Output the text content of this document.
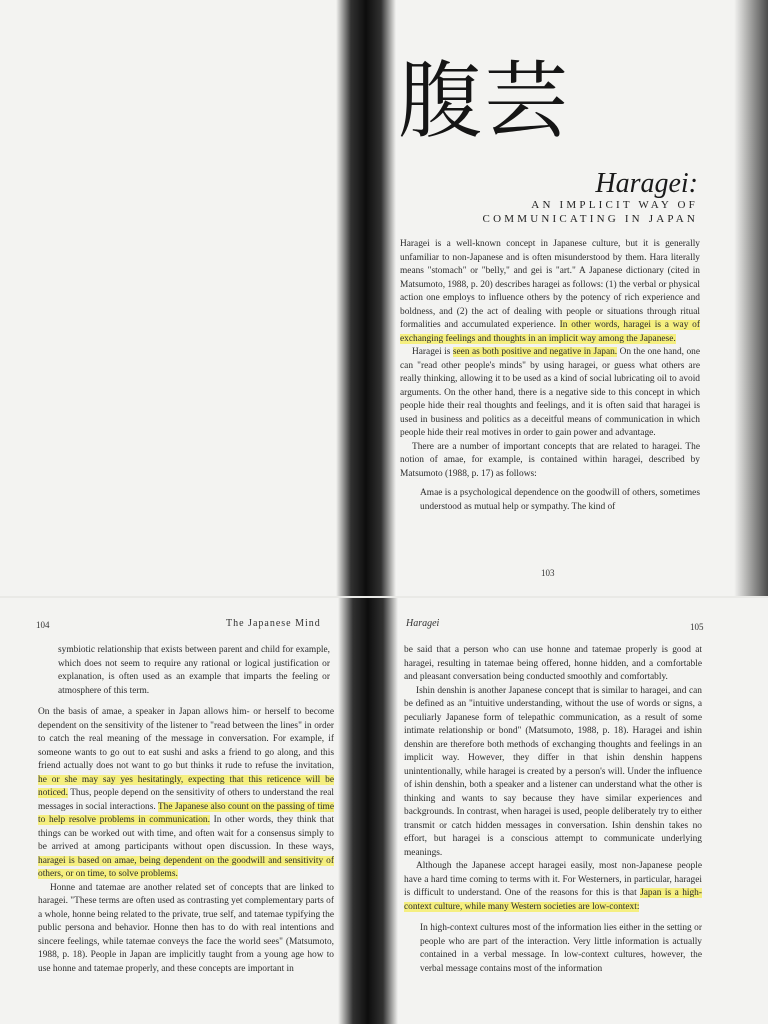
腹芸
Haragei:
AN IMPLICIT WAY OF
COMMUNICATING IN JAPAN

Haragei is a well-known concept in Japanese culture, but it is generally unfamiliar to non-Japanese and is often misunderstood by them. Hara literally means "stomach" or "belly," and gei is "art." A Japanese dictionary (cited in Matsumoto, 1988, p. 20) describes haragei as follows: (1) the verbal or physical action one employs to influence others by the potency of rich experience and boldness, and (2) the act of dealing with people or situations through ritual formalities and accumulated experience. In other words, haragei is a way of exchanging feelings and thoughts in an implicit way among the Japanese.

Haragei is seen as both positive and negative in Japan. On the one hand, one can "read other people's minds" by using haragei, or guess what others are really thinking, allowing it to be used as a kind of social lubricating oil to avoid arguments. On the other hand, there is a negative side to this concept in which people hide their real thoughts and feelings, and it is often said that haragei is used in business and politics as a deceitful means of communication in which people hide their real motives in order to gain power and advantage.

There are a number of important concepts that are related to haragei. The notion of amae, for example, is contained within haragei, described by Matsumoto (1988, p. 17) as follows:

Amae is a psychological dependence on the goodwill of others, sometimes understood as mutual help or sympathy. The kind of

103
104	The Japanese Mind	Haragei	105

symbiotic relationship that exists between parent and child for example, which does not seem to require any rational or logical justification or explanation, is often used as an example that imparts the feeling or atmosphere of this term.

On the basis of amae, a speaker in Japan allows him- or herself to become dependent on the sensitivity of the listener to "read between the lines" in order to catch the real meaning of the message in conversation. For example, if someone wants to go out to eat sushi and asks a friend to go along, and this friend actually does not want to go but thinks it rude to refuse the invitation, he or she may say yes hesitatingly, expecting that this reticence will be noticed. Thus, people depend on the sensitivity of others to understand the real messages in social interactions. The Japanese also count on the passing of time to help resolve problems in communication. In other words, they think that things can be worked out with time, and often wait for a consensus simply to be arrived at among participants without open discussion. In these ways, haragei is based on amae, being dependent on the goodwill and sensitivity of others, or on time, to solve problems.

Honne and tatemae are another related set of concepts that are linked to haragei. "These terms are often used as contrasting yet complementary parts of a whole, honne being related to the private, true self, and tatemae typifying the public persona and behavior. Honne then has to do with real intentions and sincere feelings, while tatemae conveys the face the world sees" (Matsumoto, 1988, p. 18). People in Japan are implicitly taught from a young age how to use honne and tatemae properly, and these concepts are important in

be said that a person who can use honne and tatemae properly is good at haragei, resulting in tatemae being offered, honne hidden, and a comfortable and pleasant conversation being conducted smoothly and comfortably.

Ishin denshin is another Japanese concept that is similar to haragei, and can be defined as an "intuitive understanding, without the use of words or signs, a peculiarly Japanese form of telepathic communication, as a result of some intimate relationship or bond" (Matsumoto, 1988, p. 18). Haragei and ishin denshin are therefore both methods of exchanging thoughts and feelings in an implicit way. However, they differ in that ishin denshin happens unintentionally, while haragei is created by a person's will. Under the influence of ishin denshin, both a speaker and a listener can understand what the other is thinking and wants to say because they have similar experiences and backgrounds. In contrast, when haragei is used, people deliberately try to either transmit or catch hidden messages in conversation. Ishin denshin takes no effort, but haragei is a conscious attempt to communicate underlying meanings.

Although the Japanese accept haragei easily, most non-Japanese people have a hard time coming to terms with it. For Westerners, in particular, haragei is difficult to understand. One of the reasons for this is that Japan is a high-context culture, while many Western societies are low-context:

In high-context cultures most of the information lies either in the setting or people who are part of the interaction. Very little information is actually contained in a verbal message. In low-context cultures, however, the verbal message contains most of the information
